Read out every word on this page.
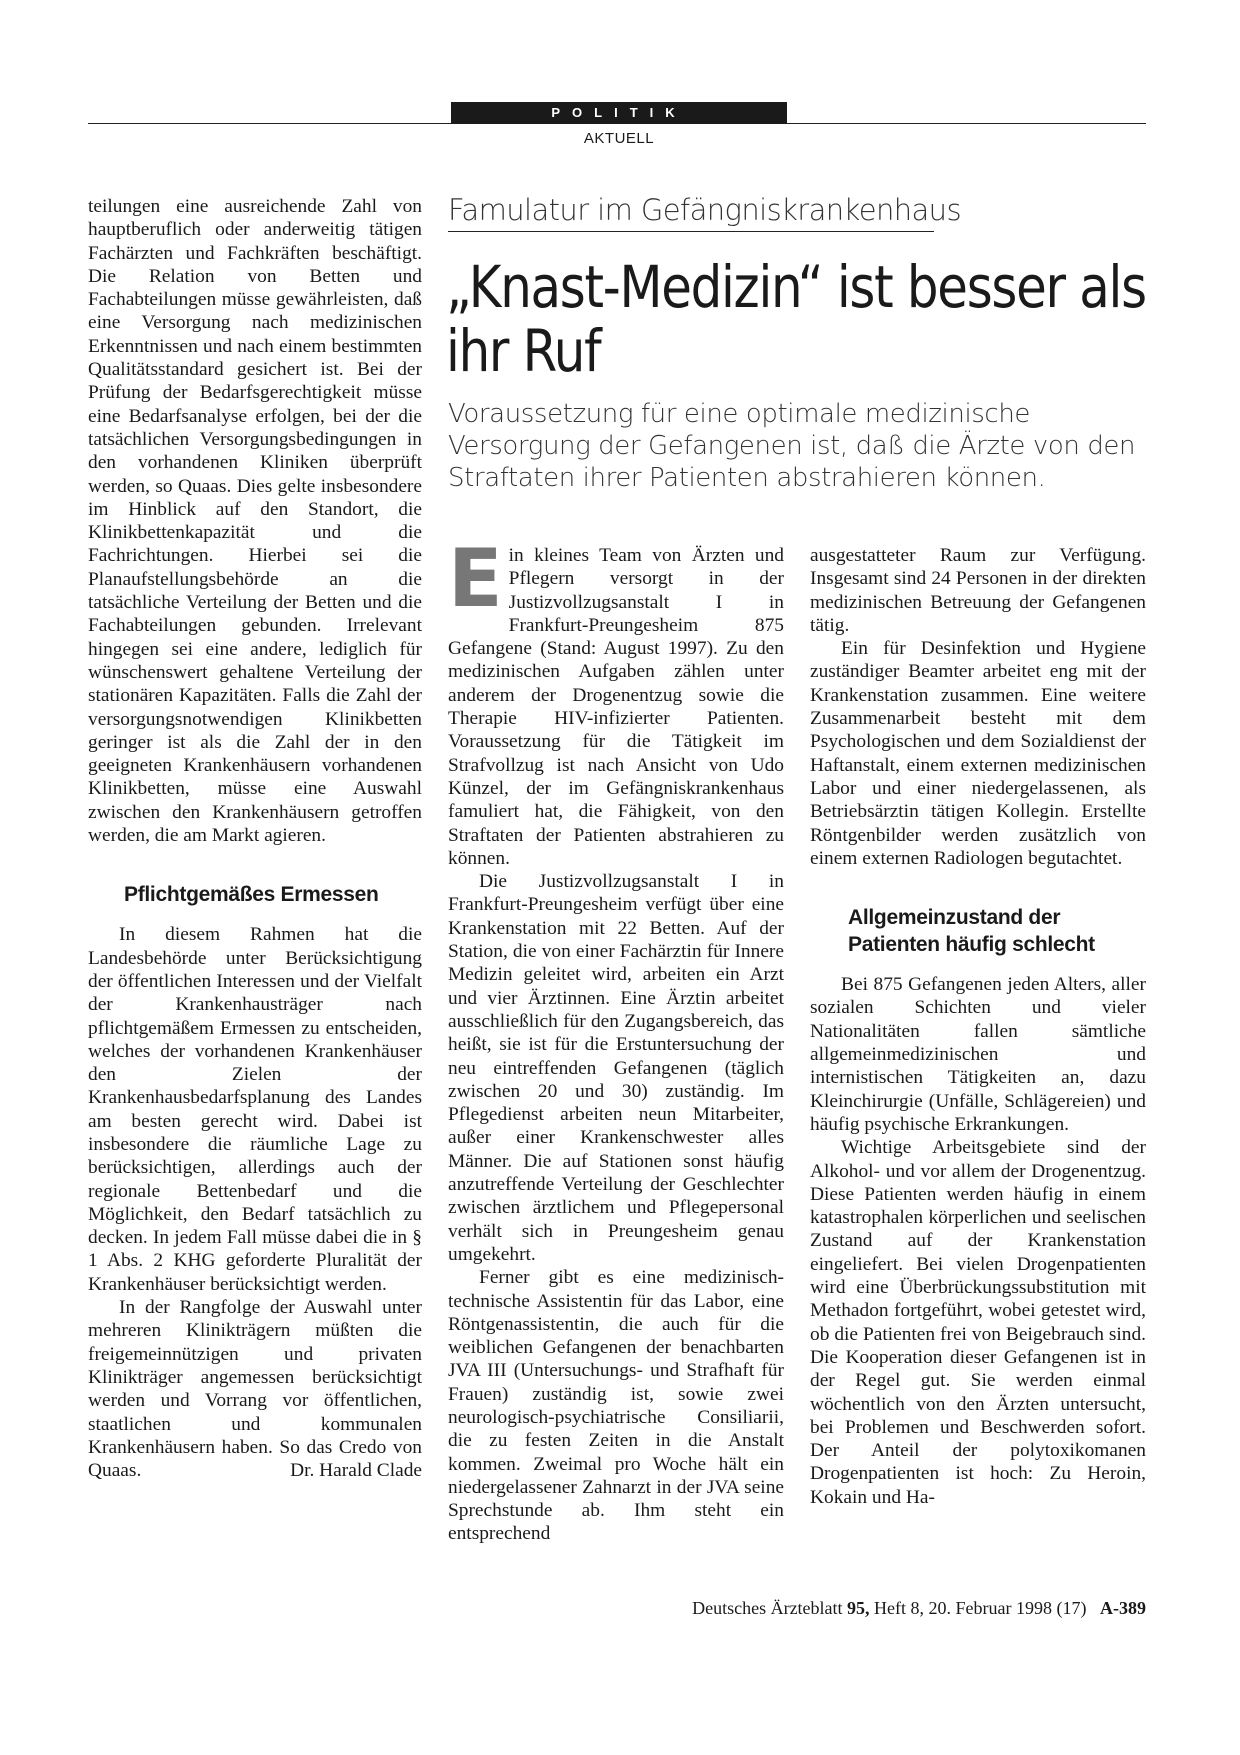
POLITIK
AKTUELL

teilungen eine ausreichende Zahl von hauptberuflich oder anderweitig tätigen Fachärzten und Fachkräften beschäftigt. Die Relation von Betten und Fachabteilungen müsse gewährleisten, daß eine Versorgung nach medizinischen Erkenntnissen und nach einem bestimmten Qualitätsstandard gesichert ist. Bei der Prüfung der Bedarfsgerechtigkeit müsse eine Bedarfsanalyse erfolgen, bei der die tatsächlichen Versorgungsbedingungen in den vorhandenen Kliniken überprüft werden, so Quaas. Dies gelte insbesondere im Hinblick auf den Standort, die Klinikbettenkapazität und die Fachrichtungen. Hierbei sei die Planaufstellungsbehörde an die tatsächliche Verteilung der Betten und die Fachabteilungen gebunden. Irrelevant hingegen sei eine andere, lediglich für wünschenswert gehaltene Verteilung der stationären Kapazitäten. Falls die Zahl der versorgungsnotwendigen Klinikbetten geringer ist als die Zahl der in den geeigneten Krankenhäusern vorhandenen Klinikbetten, müsse eine Auswahl zwischen den Krankenhäusern getroffen werden, die am Markt agieren.

Pflichtgemäßes Ermessen

In diesem Rahmen hat die Landesbehörde unter Berücksichtigung der öffentlichen Interessen und der Vielfalt der Krankenhausträger nach pflichtgemäßem Ermessen zu entscheiden, welches der vorhandenen Krankenhäuser den Zielen der Krankenhausbedarfsplanung des Landes am besten gerecht wird. Dabei ist insbesondere die räumliche Lage zu berücksichtigen, allerdings auch der regionale Bettenbedarf und die Möglichkeit, den Bedarf tatsächlich zu decken. In jedem Fall müsse dabei die in § 1 Abs. 2 KHG geforderte Pluralität der Krankenhäuser berücksichtigt werden.

In der Rangfolge der Auswahl unter mehreren Klinikträgern müßten die freigemeinnützigen und privaten Klinikträger angemessen berücksichtigt werden und Vorrang vor öffentlichen, staatlichen und kommunalen Krankenhäusern haben. So das Credo von Quaas.	Dr. Harald Clade

Famulatur im Gefängniskrankenhaus
„Knast-Medizin“ ist besser als ihr Ruf
Voraussetzung für eine optimale medizinische Versorgung der Gefangenen ist, daß die Ärzte von den Straftaten ihrer Patienten abstrahieren können.

Ein kleines Team von Ärzten und Pflegern versorgt in der Justizvollzugsanstalt I in Frankfurt-Preungesheim 875 Gefangene (Stand: August 1997). Zu den medizinischen Aufgaben zählen unter anderem der Drogenentzug sowie die Therapie HIV-infizierter Patienten. Voraussetzung für die Tätigkeit im Strafvollzug ist nach Ansicht von Udo Künzel, der im Gefängniskrankenhaus famuliert hat, die Fähigkeit, von den Straftaten der Patienten abstrahieren zu können.

Die Justizvollzugsanstalt I in Frankfurt-Preungesheim verfügt über eine Krankenstation mit 22 Betten. Auf der Station, die von einer Fachärztin für Innere Medizin geleitet wird, arbeiten ein Arzt und vier Ärztinnen. Eine Ärztin arbeitet ausschließlich für den Zugangsbereich, das heißt, sie ist für die Erstuntersuchung der neu eintreffenden Gefangenen (täglich zwischen 20 und 30) zuständig. Im Pflegedienst arbeiten neun Mitarbeiter, außer einer Krankenschwester alles Männer. Die auf Stationen sonst häufig anzutreffende Verteilung der Geschlechter zwischen ärztlichem und Pflegepersonal verhält sich in Preungesheim genau umgekehrt.

Ferner gibt es eine medizinisch-technische Assistentin für das Labor, eine Röntgenassistentin, die auch für die weiblichen Gefangenen der benachbarten JVA III (Untersuchungs- und Strafhaft für Frauen) zuständig ist, sowie zwei neurologisch-psychiatrische Consiliarii, die zu festen Zeiten in die Anstalt kommen. Zweimal pro Woche hält ein niedergelassener Zahnarzt in der JVA seine Sprechstunde ab. Ihm steht ein entsprechend

ausgestatteter Raum zur Verfügung. Insgesamt sind 24 Personen in der direkten medizinischen Betreuung der Gefangenen tätig.

Ein für Desinfektion und Hygiene zuständiger Beamter arbeitet eng mit der Krankenstation zusammen. Eine weitere Zusammenarbeit besteht mit dem Psychologischen und dem Sozialdienst der Haftanstalt, einem externen medizinischen Labor und einer niedergelassenen, als Betriebsärztin tätigen Kollegin. Erstellte Röntgenbilder werden zusätzlich von einem externen Radiologen begutachtet.

Allgemeinzustand der Patienten häufig schlecht

Bei 875 Gefangenen jeden Alters, aller sozialen Schichten und vieler Nationalitäten fallen sämtliche allgemeinmedizinischen und internistischen Tätigkeiten an, dazu Kleinchirurgie (Unfälle, Schlägereien) und häufig psychische Erkrankungen.

Wichtige Arbeitsgebiete sind der Alkohol- und vor allem der Drogenentzug. Diese Patienten werden häufig in einem katastrophalen körperlichen und seelischen Zustand auf der Krankenstation eingeliefert. Bei vielen Drogenpatienten wird eine Überbrückungssubstitution mit Methadon fortgeführt, wobei getestet wird, ob die Patienten frei von Beigebrauch sind. Die Kooperation dieser Gefangenen ist in der Regel gut. Sie werden einmal wöchentlich von den Ärzten untersucht, bei Problemen und Beschwerden sofort. Der Anteil der polytoxikomanen Drogenpatienten ist hoch: Zu Heroin, Kokain und Ha-

Deutsches Ärzteblatt 95, Heft 8, 20. Februar 1998 (17) A-389
